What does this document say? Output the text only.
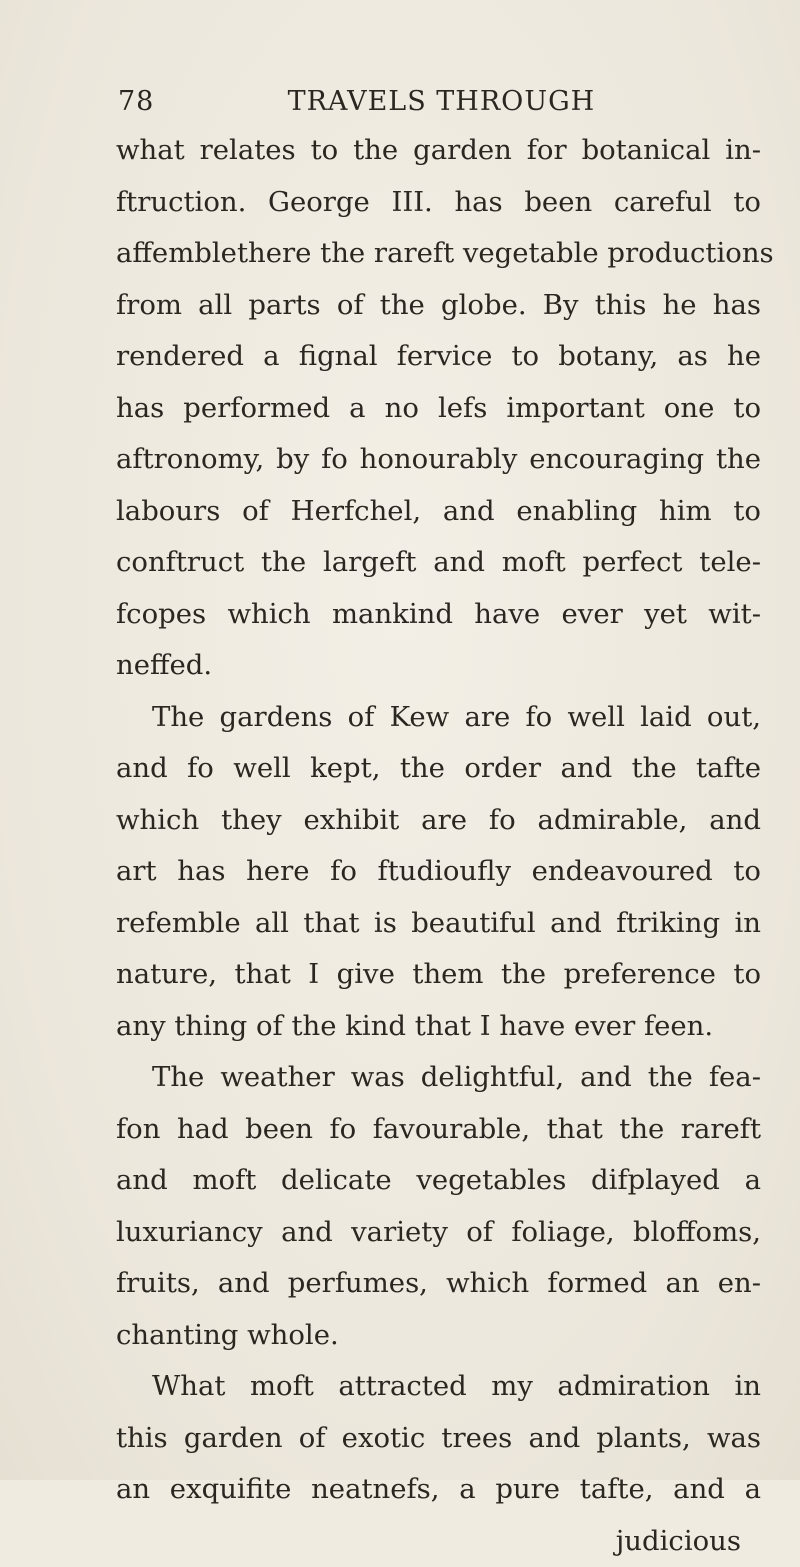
78	TRAVELS THROUGH
what relates to the garden for botanical in-
ftruction. George III. has been careful to
affemblethere the rareft vegetable productions
from all parts of the globe. By this he has
rendered a fignal fervice to botany, as he
has performed a no lefs important one to
aftronomy, by fo honourably encouraging the
labours of Herfchel, and enabling him to
conftruct the largeft and moft perfect tele-
fcopes which mankind have ever yet wit-
neffed.
The gardens of Kew are fo well laid out,
and fo well kept, the order and the tafte
which they exhibit are fo admirable, and
art has here fo ftudioufly endeavoured to
refemble all that is beautiful and ftriking in
nature, that I give them the preference to
any thing of the kind that I have ever feen.
The weather was delightful, and the fea-
fon had been fo favourable, that the rareft
and moft delicate vegetables difplayed a
luxuriancy and variety of foliage, bloffoms,
fruits, and perfumes, which formed an en-
chanting whole.
What moft attracted my admiration in
this garden of exotic trees and plants, was
an exquifite neatnefs, a pure tafte, and a
judicious
